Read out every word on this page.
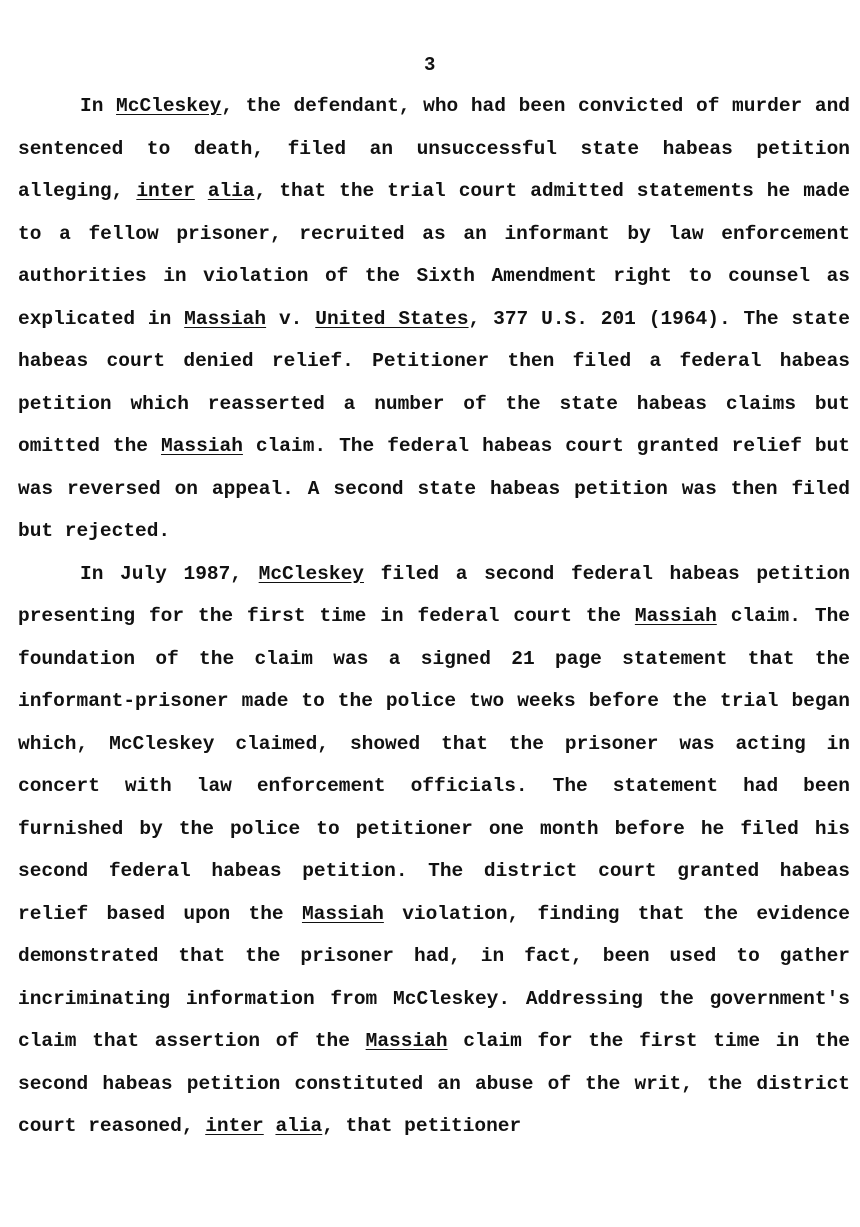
3

In McCleskey, the defendant, who had been convicted of murder and sentenced to death, filed an unsuccessful state habeas petition alleging, inter alia, that the trial court admitted statements he made to a fellow prisoner, recruited as an informant by law enforcement authorities in violation of the Sixth Amendment right to counsel as explicated in Massiah v. United States, 377 U.S. 201 (1964). The state habeas court denied relief. Petitioner then filed a federal habeas petition which reasserted a number of the state habeas claims but omitted the Massiah claim. The federal habeas court granted relief but was reversed on appeal. A second state habeas petition was then filed but rejected.

In July 1987, McCleskey filed a second federal habeas petition presenting for the first time in federal court the Massiah claim. The foundation of the claim was a signed 21 page statement that the informant-prisoner made to the police two weeks before the trial began which, McCleskey claimed, showed that the prisoner was acting in concert with law enforcement officials. The statement had been furnished by the police to petitioner one month before he filed his second federal habeas petition. The district court granted habeas relief based upon the Massiah violation, finding that the evidence demonstrated that the prisoner had, in fact, been used to gather incriminating information from McCleskey. Addressing the government's claim that assertion of the Massiah claim for the first time in the second habeas petition constituted an abuse of the writ, the district court reasoned, inter alia, that petitioner
